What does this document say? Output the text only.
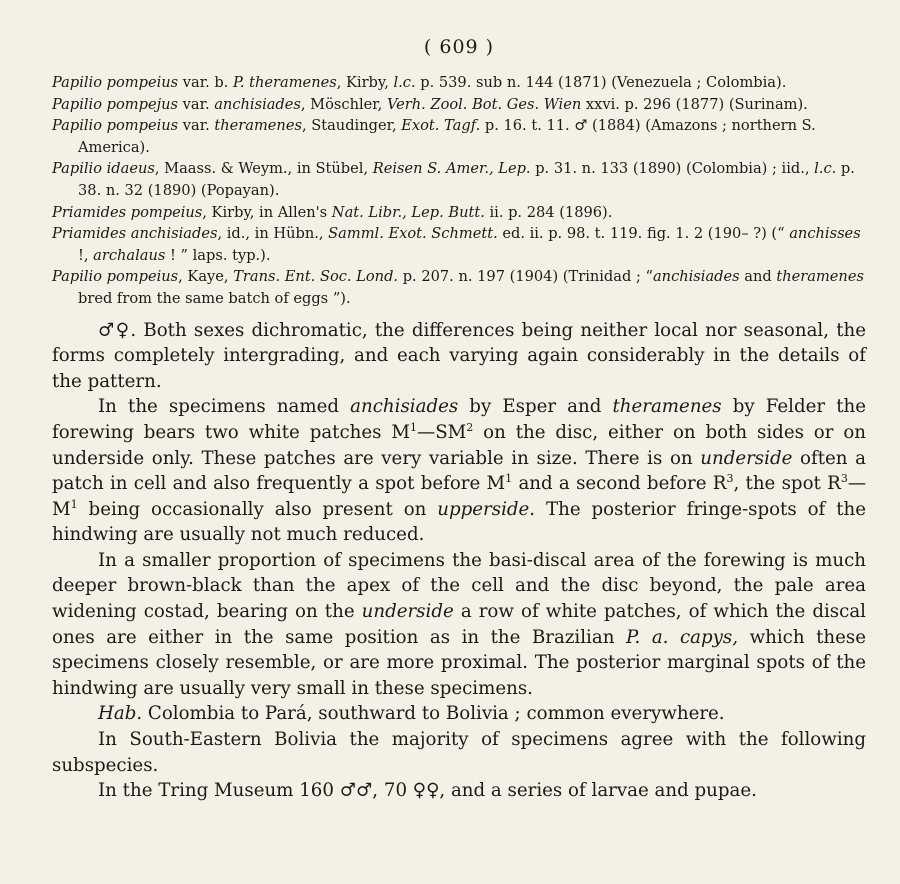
( 609 )
Papilio pompeius var. b. P. theramenes, Kirby, l.c. p. 539. sub n. 144 (1871) (Venezuela ; Colombia).
Papilio pompejus var. anchisiades, Möschler, Verh. Zool. Bot. Ges. Wien xxvi. p. 296 (1877) (Surinam).
Papilio pompeius var. theramenes, Staudinger, Exot. Tagf. p. 16. t. 11. ♂ (1884) (Amazons ; northern S. America).
Papilio idaeus, Maass. & Weym., in Stübel, Reisen S. Amer., Lep. p. 31. n. 133 (1890) (Colombia) ; iid., l.c. p. 38. n. 32 (1890) (Popayan).
Priamides pompeius, Kirby, in Allen's Nat. Libr., Lep. Butt. ii. p. 284 (1896).
Priamides anchisiades, id., in Hübn., Samml. Exot. Schmett. ed. ii. p. 98. t. 119. fig. 1. 2 (190– ?) (“ anchisses !, archalaus ! ” laps. typ.).
Papilio pompeius, Kaye, Trans. Ent. Soc. Lond. p. 207. n. 197 (1904) (Trinidad ; “anchisiades and theramenes bred from the same batch of eggs ”).

♂♀. Both sexes dichromatic, the differences being neither local nor seasonal, the forms completely intergrading, and each varying again considerably in the details of the pattern.

In the specimens named anchisiades by Esper and theramenes by Felder the forewing bears two white patches $M^1—SM^2$ on the disc, either on both sides or on underside only. These patches are very variable in size. There is on underside often a patch in cell and also frequently a spot before $M^1$ and a second before $R^3$, the spot $R^3—M^1$ being occasionally also present on upperside. The posterior fringe-spots of the hindwing are usually not much reduced.

In a smaller proportion of specimens the basi-discal area of the forewing is much deeper brown-black than the apex of the cell and the disc beyond, the pale area widening costad, bearing on the underside a row of white patches, of which the discal ones are either in the same position as in the Brazilian P. a. capys, which these specimens closely resemble, or are more proximal. The posterior marginal spots of the hindwing are usually very small in these specimens.

Hab. Colombia to Pará, southward to Bolivia ; common everywhere.

In South-Eastern Bolivia the majority of specimens agree with the following subspecies.

In the Tring Museum 160 ♂♂, 70 ♀♀, and a series of larvae and pupae.
